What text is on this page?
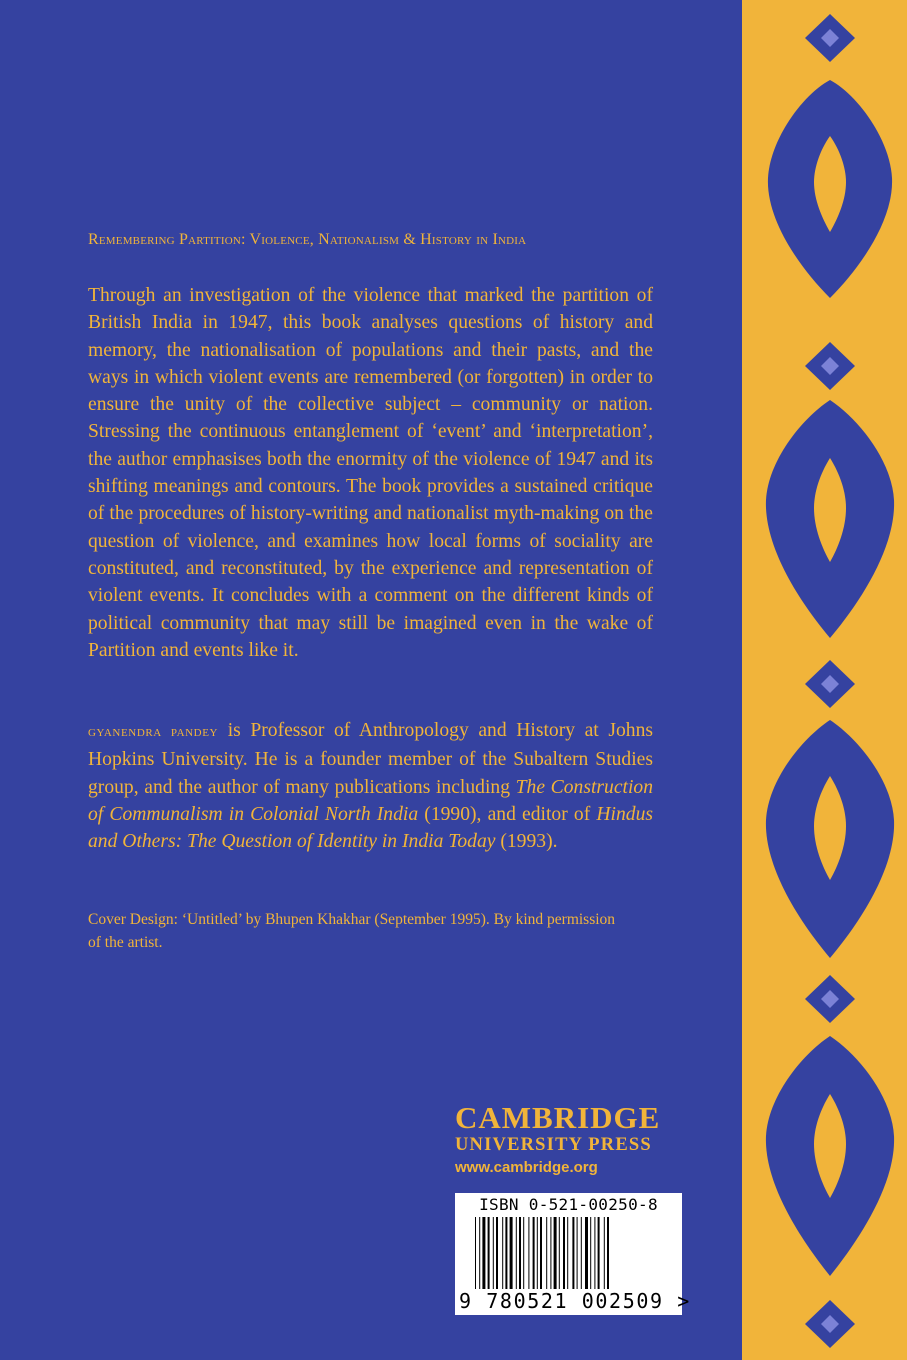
Remembering Partition: Violence, Nationalism & History in India

Through an investigation of the violence that marked the partition of British India in 1947, this book analyses questions of history and memory, the nationalisation of populations and their pasts, and the ways in which violent events are remembered (or forgotten) in order to ensure the unity of the collective subject – community or nation. Stressing the continuous entanglement of ‘event’ and ‘interpretation’, the author emphasises both the enormity of the violence of 1947 and its shifting meanings and contours. The book provides a sustained critique of the procedures of history-writing and nationalist myth-making on the question of violence, and examines how local forms of sociality are constituted, and reconstituted, by the experience and representation of violent events. It concludes with a comment on the different kinds of political community that may still be imagined even in the wake of Partition and events like it.

gyanendra pandey is Professor of Anthropology and History at Johns Hopkins University. He is a founder member of the Subaltern Studies group, and the author of many publications including The Construction of Communalism in Colonial North India (1990), and editor of Hindus and Others: The Question of Identity in India Today (1993).

Cover Design: ‘Untitled’ by Bhupen Khakhar (September 1995). By kind permission of the artist.

CAMBRIDGE
UNIVERSITY PRESS
www.cambridge.org
ISBN 0-521-00250-8
9 780521 002509 >
